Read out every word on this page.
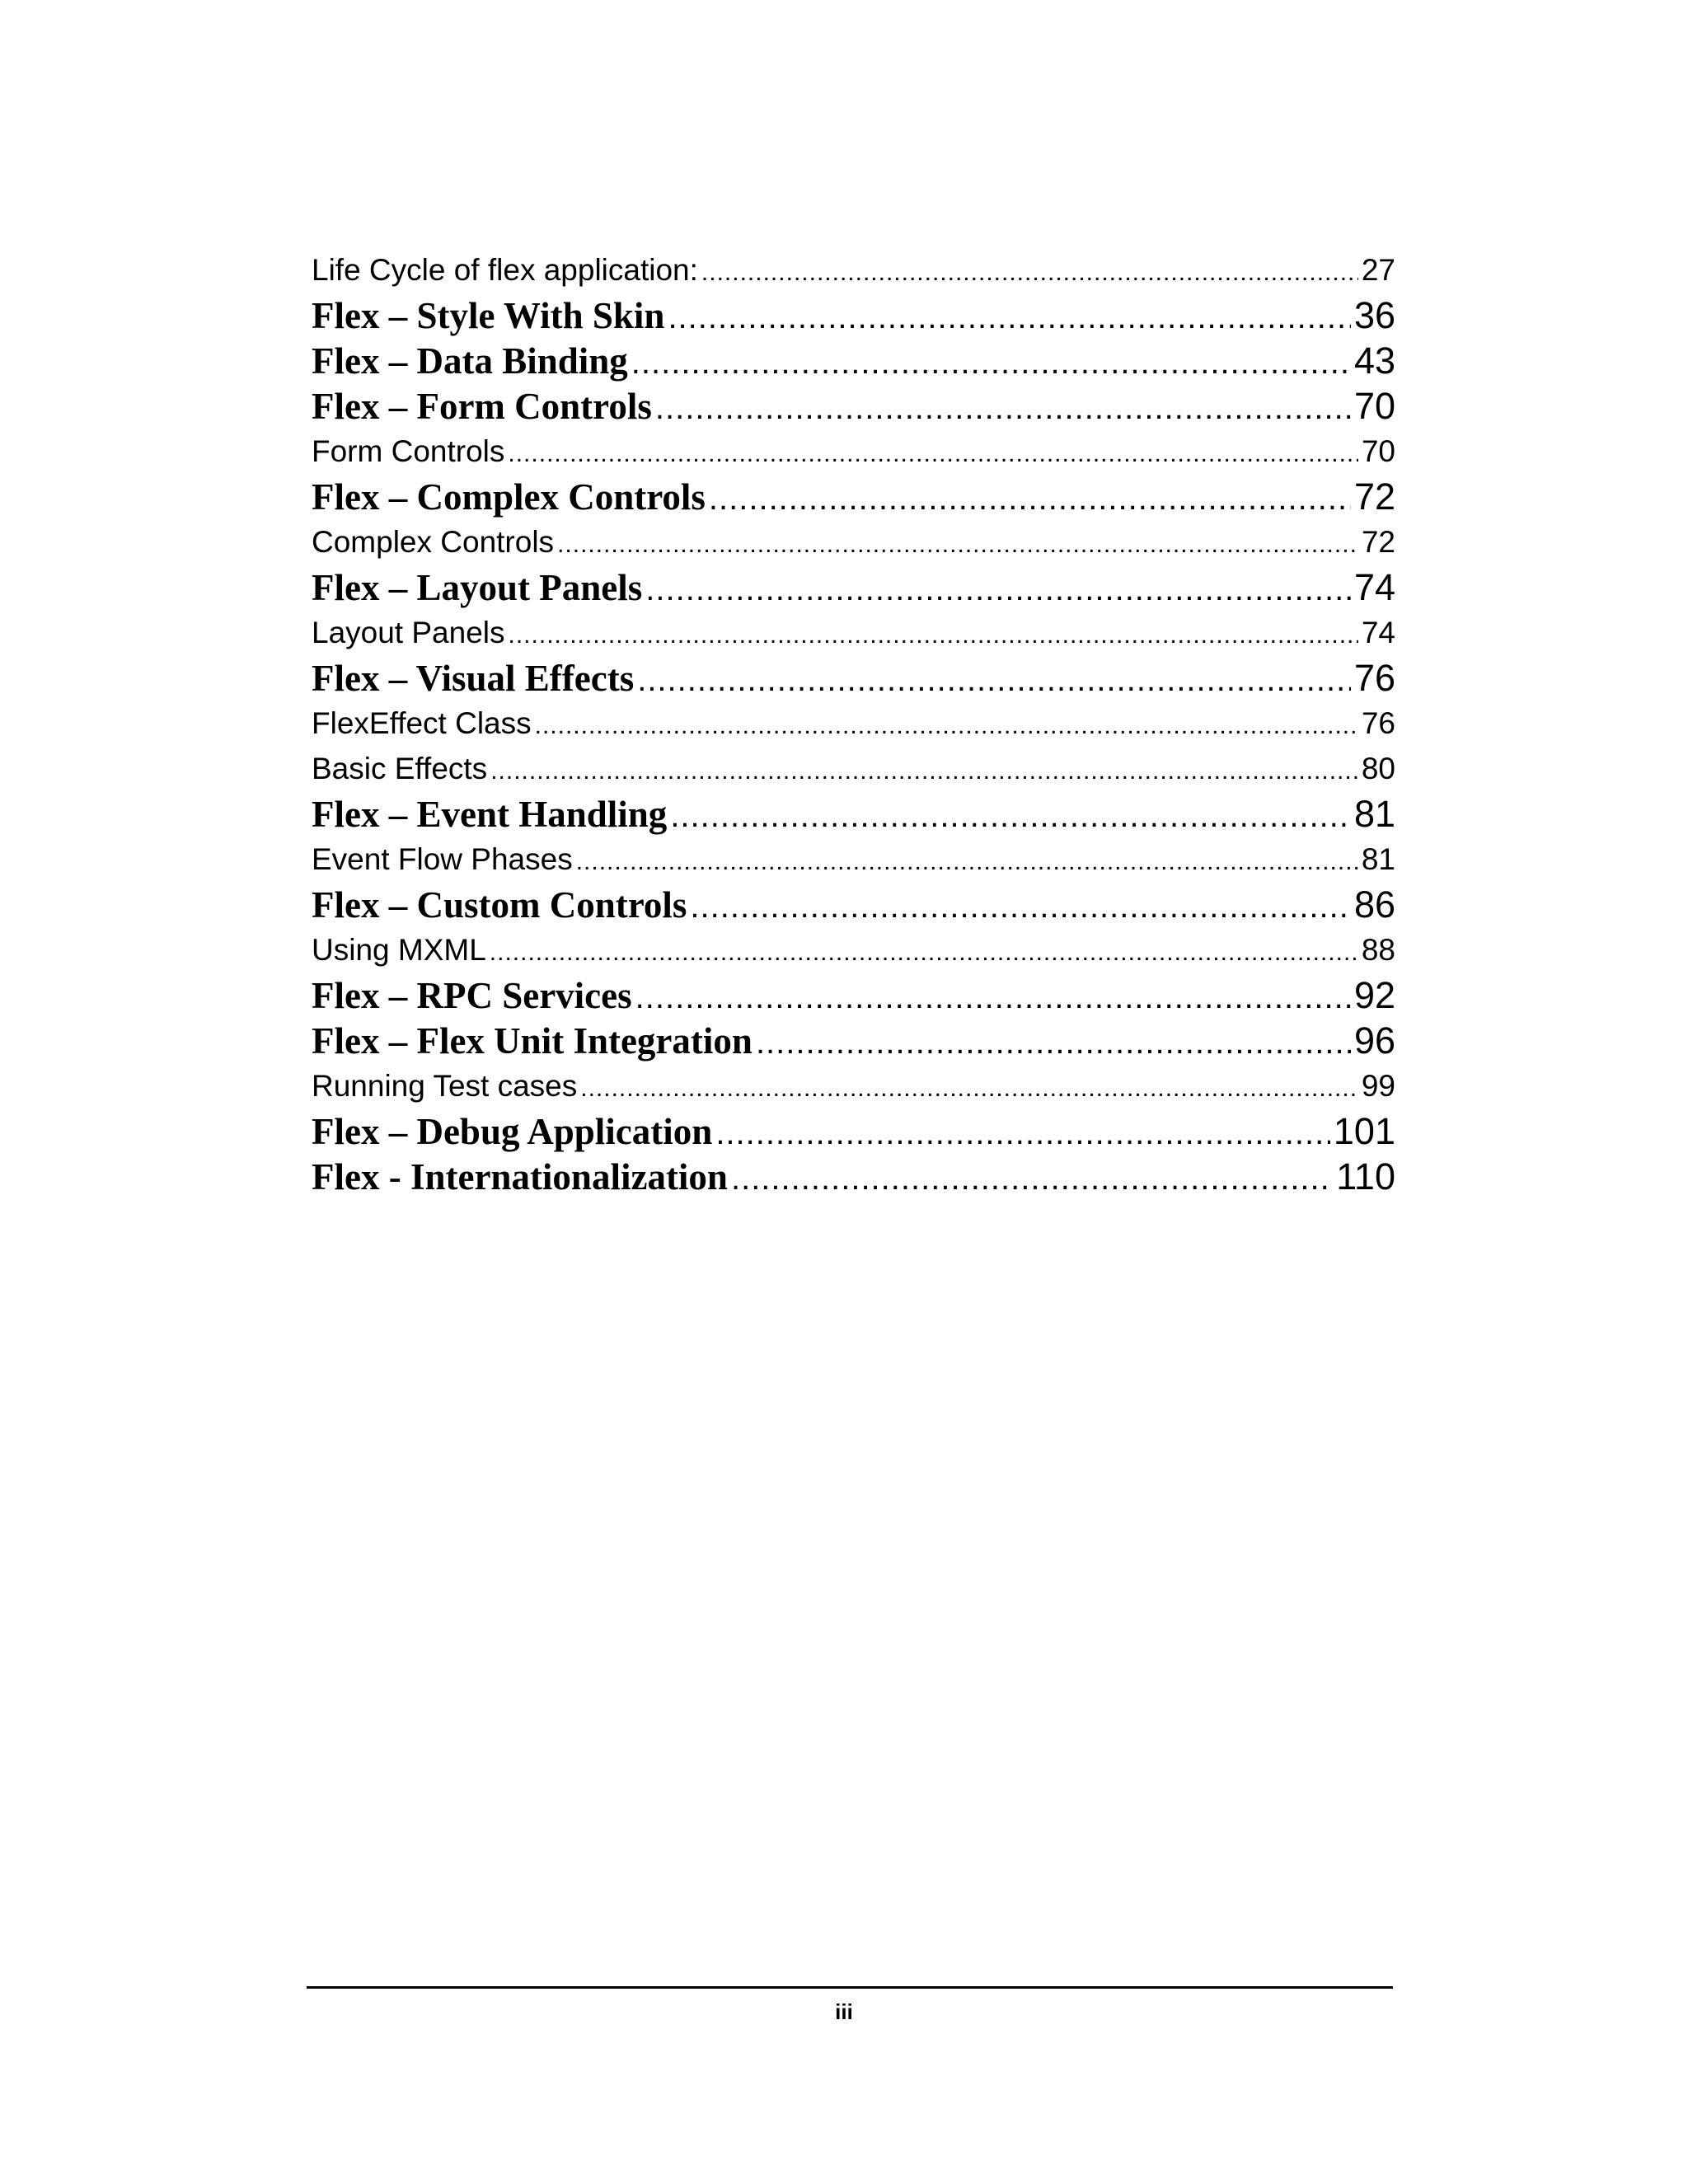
Life Cycle of flex application: .....	27
Flex – Style With Skin .....	36
Flex – Data Binding .....	43
Flex – Form Controls .....	70
Form Controls .....	70
Flex – Complex Controls .....	72
Complex Controls .....	72
Flex – Layout Panels .....	74
Layout Panels .....	74
Flex – Visual Effects .....	76
FlexEffect Class .....	76
Basic Effects .....	80
Flex – Event Handling .....	81
Event Flow Phases .....	81
Flex – Custom Controls .....	86
Using MXML .....	88
Flex – RPC Services .....	92
Flex – Flex Unit Integration .....	96
Running Test cases .....	99
Flex – Debug Application .....	101
Flex - Internationalization .....	110
iii
